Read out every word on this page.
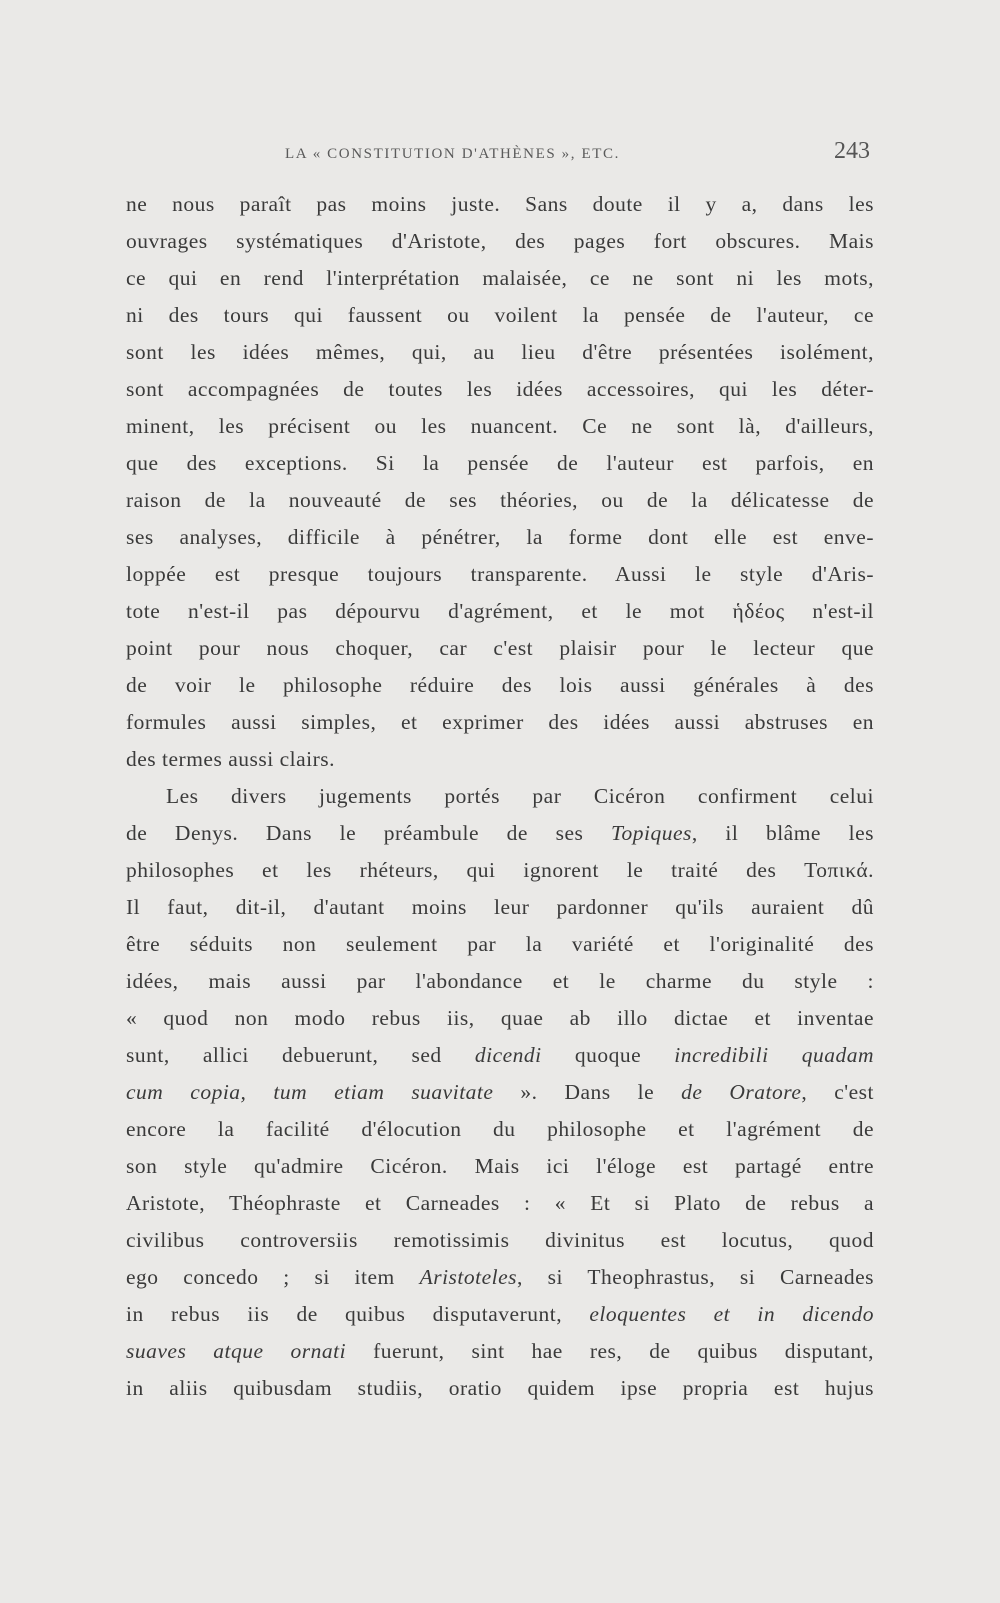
LA « CONSTITUTION D'ATHÈNES », ETC.	243
ne nous paraît pas moins juste. Sans doute il y a, dans les
ouvrages systématiques d'Aristote, des pages fort obscures. Mais
ce qui en rend l'interprétation malaisée, ce ne sont ni les mots,
ni des tours qui faussent ou voilent la pensée de l'auteur, ce
sont les idées mêmes, qui, au lieu d'être présentées isolément,
sont accompagnées de toutes les idées accessoires, qui les déter-
minent, les précisent ou les nuancent. Ce ne sont là, d'ailleurs,
que des exceptions. Si la pensée de l'auteur est parfois, en
raison de la nouveauté de ses théories, ou de la délicatesse de
ses analyses, difficile à pénétrer, la forme dont elle est enve-
loppée est presque toujours transparente. Aussi le style d'Aris-
tote n'est-il pas dépourvu d'agrément, et le mot ἡδέος n'est-il
point pour nous choquer, car c'est plaisir pour le lecteur que
de voir le philosophe réduire des lois aussi générales à des
formules aussi simples, et exprimer des idées aussi abstruses en
des termes aussi clairs.
Les divers jugements portés par Cicéron confirment celui
de Denys. Dans le préambule de ses Topiques, il blâme les
philosophes et les rhéteurs, qui ignorent le traité des Τοπικά.
Il faut, dit-il, d'autant moins leur pardonner qu'ils auraient dû
être séduits non seulement par la variété et l'originalité des
idées, mais aussi par l'abondance et le charme du style :
« quod non modo rebus iis, quae ab illo dictae et inventae
sunt, allici debuerunt, sed dicendi quoque incredibili quadam
cum copia, tum etiam suavitate ». Dans le de Oratore, c'est
encore la facilité d'élocution du philosophe et l'agrément de
son style qu'admire Cicéron. Mais ici l'éloge est partagé entre
Aristote, Théophraste et Carneades : « Et si Plato de rebus a
civilibus controversiis remotissimis divinitus est locutus, quod
ego concedo ; si item Aristoteles, si Theophrastus, si Carneades
in rebus iis de quibus disputaverunt, eloquentes et in dicendo
suaves atque ornati fuerunt, sint hae res, de quibus disputant,
in aliis quibusdam studiis, oratio quidem ipse propria est hujus
